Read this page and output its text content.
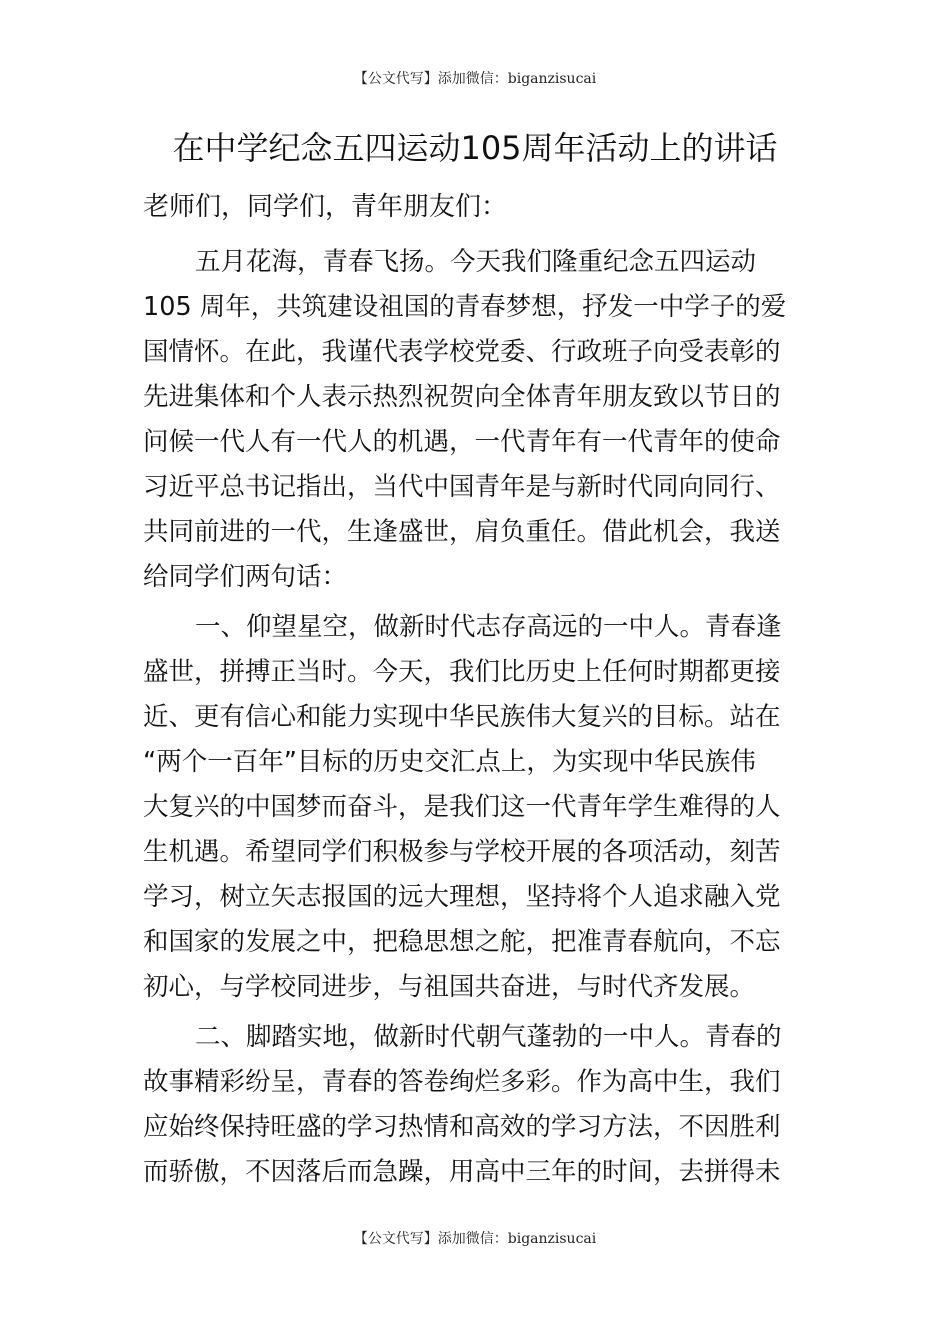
【公文代写】添加微信：biganzisucai
在中学纪念五四运动105周年活动上的讲话

老师们，同学们，青年朋友们：

五月花海，青春飞扬。今天我们隆重纪念五四运动
105 周年，共筑建设祖国的青春梦想，抒发一中学子的爱
国情怀。在此，我谨代表学校党委、行政班子向受表彰的
先进集体和个人表示热烈祝贺向全体青年朋友致以节日的
问候一代人有一代人的机遇，一代青年有一代青年的使命
习近平总书记指出，当代中国青年是与新时代同向同行、
共同前进的一代，生逢盛世，肩负重任。借此机会，我送
给同学们两句话：

一、仰望星空，做新时代志存高远的一中人。青春逢
盛世，拼搏正当时。今天，我们比历史上任何时期都更接
近、更有信心和能力实现中华民族伟大复兴的目标。站在
“两个一百年”目标的历史交汇点上，为实现中华民族伟
大复兴的中国梦而奋斗，是我们这一代青年学生难得的人
生机遇。希望同学们积极参与学校开展的各项活动，刻苦
学习，树立矢志报国的远大理想，坚持将个人追求融入党
和国家的发展之中，把稳思想之舵，把准青春航向，不忘
初心，与学校同进步，与祖国共奋进，与时代齐发展。

二、脚踏实地，做新时代朝气蓬勃的一中人。青春的
故事精彩纷呈，青春的答卷绚烂多彩。作为高中生，我们
应始终保持旺盛的学习热情和高效的学习方法，不因胜利
而骄傲，不因落后而急躁，用高中三年的时间，去拼得未

【公文代写】添加微信：biganzisucai
